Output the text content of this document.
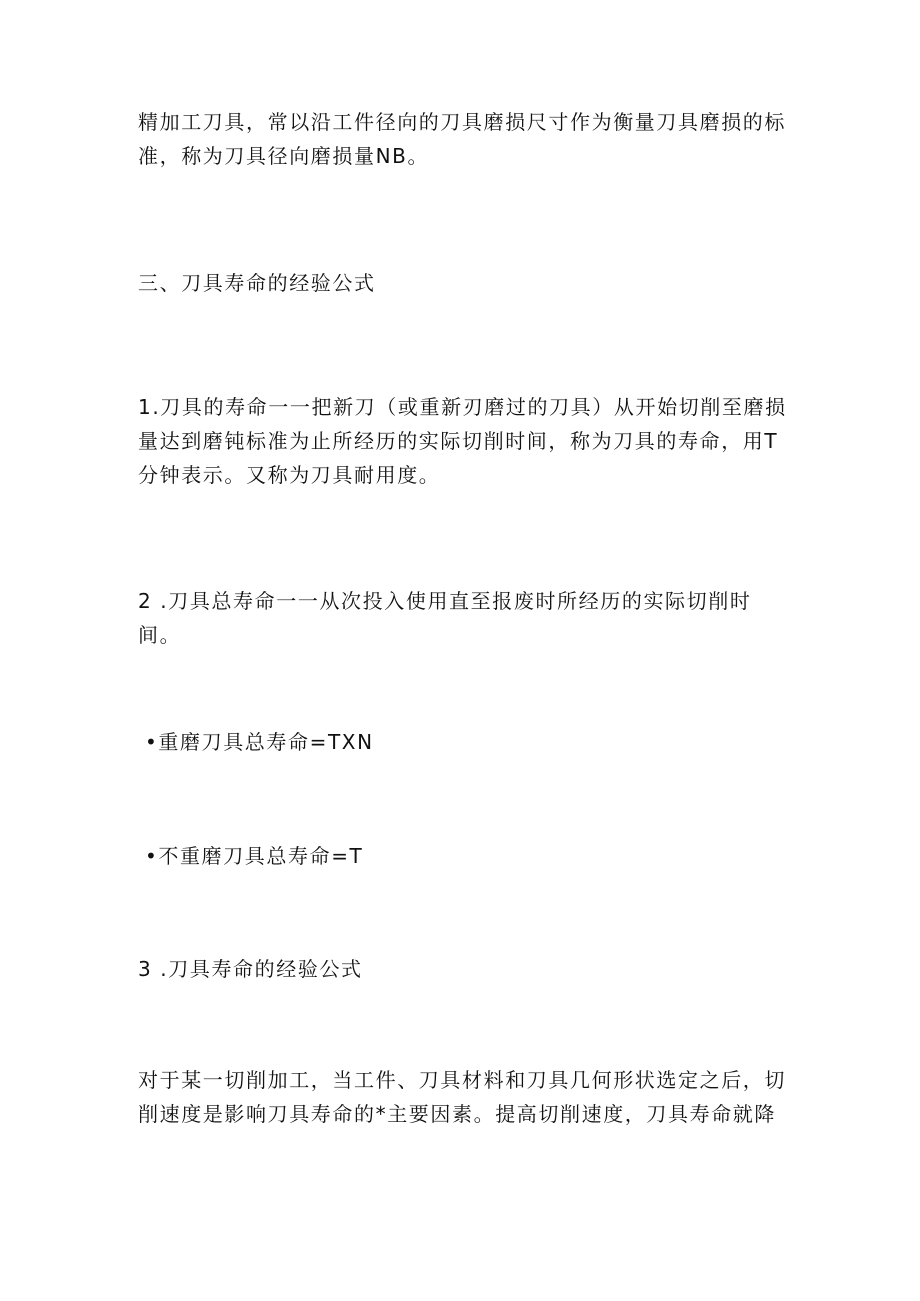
精加工刀具，常以沿工件径向的刀具磨损尺寸作为衡量刀具磨损的标
准，称为刀具径向磨损量NB。

三、刀具寿命的经验公式

1.刀具的寿命一一把新刀（或重新刃磨过的刀具）从开始切削至磨损
量达到磨钝标准为止所经历的实际切削时间，称为刀具的寿命，用T
分钟表示。又称为刀具耐用度。

2 .刀具总寿命一一从次投入使用直至报废时所经历的实际切削时
间。

•重磨刀具总寿命=TXN

•不重磨刀具总寿命=T

3 .刀具寿命的经验公式

对于某一切削加工，当工件、刀具材料和刀具几何形状选定之后，切
削速度是影响刀具寿命的*主要因素。提高切削速度，刀具寿命就降
